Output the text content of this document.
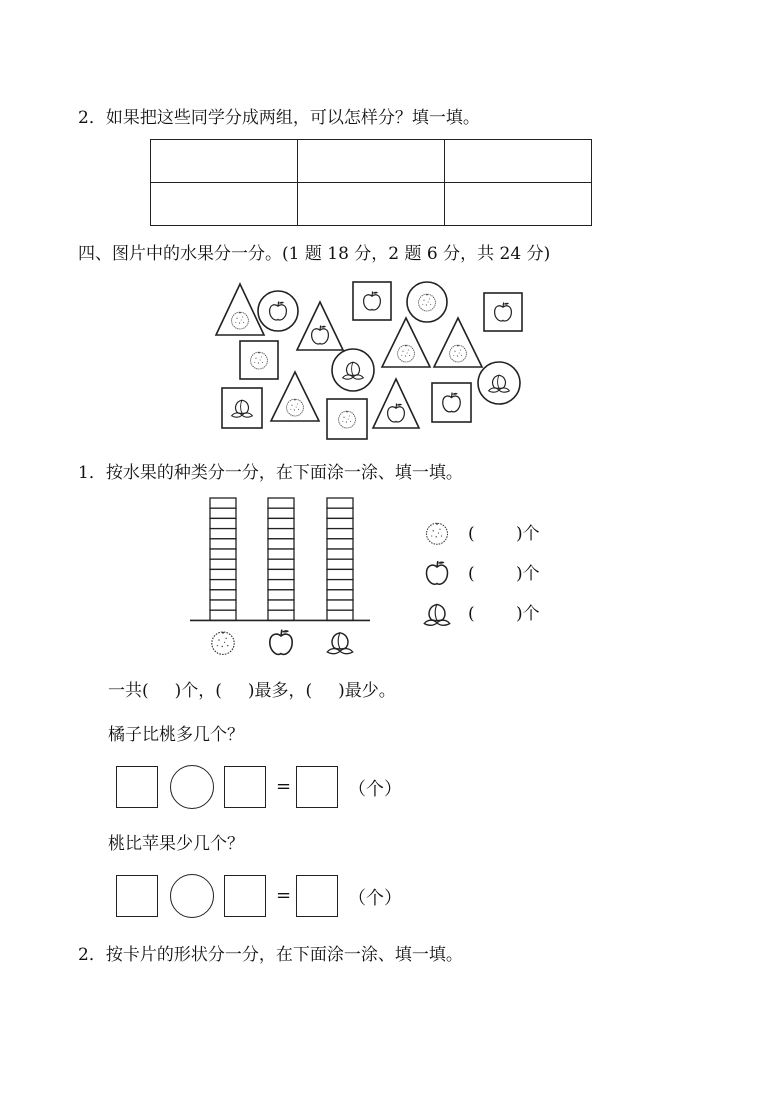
2．如果把这些同学分成两组，可以怎样分？填一填。

四、图片中的水果分一分。(1 题 18 分，2 题 6 分，共 24 分)
1．按水果的种类分一分，在下面涂一涂、填一填。
( )个
( )个
( )个
一共( )个，( )最多，( )最少。
橘子比桃多几个？
=	（个）
桃比苹果少几个？
=	（个）
2．按卡片的形状分一分，在下面涂一涂、填一填。
